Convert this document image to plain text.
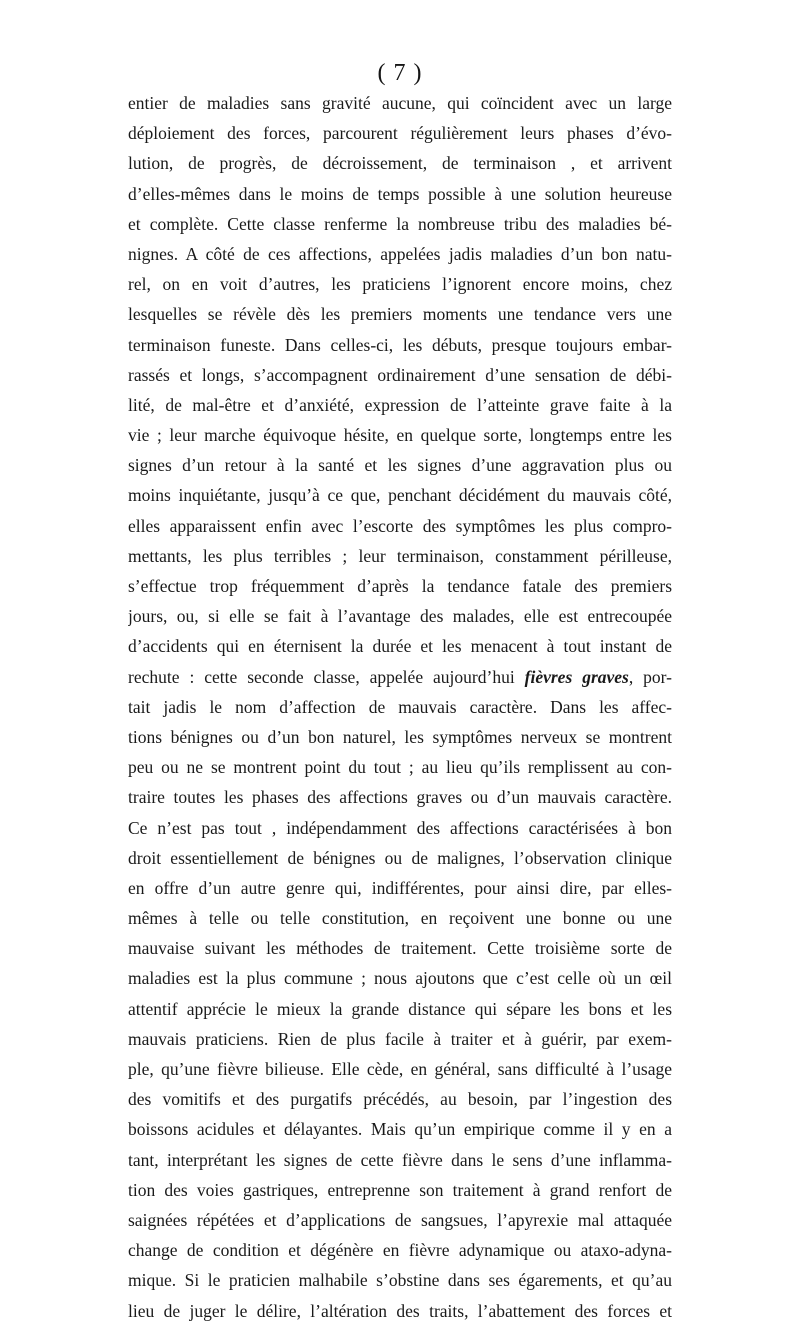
( 7 )
entier de maladies sans gravité aucune, qui coïncident avec un large
déploiement des forces, parcourent régulièrement leurs phases d’évo-
lution, de progrès, de décroissement, de terminaison , et arrivent
d’elles-mêmes dans le moins de temps possible à une solution heureuse
et complète. Cette classe renferme la nombreuse tribu des maladies bé-
nignes. A côté de ces affections, appelées jadis maladies d’un bon natu-
rel, on en voit d’autres, les praticiens l’ignorent encore moins, chez
lesquelles se révèle dès les premiers moments une tendance vers une
terminaison funeste. Dans celles-ci, les débuts, presque toujours embar-
rassés et longs, s’accompagnent ordinairement d’une sensation de débi-
lité, de mal-être et d’anxiété, expression de l’atteinte grave faite à la
vie ; leur marche équivoque hésite, en quelque sorte, longtemps entre les
signes d’un retour à la santé et les signes d’une aggravation plus ou
moins inquiétante, jusqu’à ce que, penchant décidément du mauvais côté,
elles apparaissent enfin avec l’escorte des symptômes les plus compro-
mettants, les plus terribles ; leur terminaison, constamment périlleuse,
s’effectue trop fréquemment d’après la tendance fatale des premiers
jours, ou, si elle se fait à l’avantage des malades, elle est entrecoupée
d’accidents qui en éternisent la durée et les menacent à tout instant de
rechute : cette seconde classe, appelée aujourd’hui fièvres graves, por-
tait jadis le nom d’affection de mauvais caractère. Dans les affec-
tions bénignes ou d’un bon naturel, les symptômes nerveux se montrent
peu ou ne se montrent point du tout ; au lieu qu’ils remplissent au con-
traire toutes les phases des affections graves ou d’un mauvais caractère.
Ce n’est pas tout , indépendamment des affections caractérisées à bon
droit essentiellement de bénignes ou de malignes, l’observation clinique
en offre d’un autre genre qui, indifférentes, pour ainsi dire, par elles-
mêmes à telle ou telle constitution, en reçoivent une bonne ou une
mauvaise suivant les méthodes de traitement. Cette troisième sorte de
maladies est la plus commune ; nous ajoutons que c’est celle où un œil
attentif apprécie le mieux la grande distance qui sépare les bons et les
mauvais praticiens. Rien de plus facile à traiter et à guérir, par exem-
ple, qu’une fièvre bilieuse. Elle cède, en général, sans difficulté à l’usage
des vomitifs et des purgatifs précédés, au besoin, par l’ingestion des
boissons acidules et délayantes. Mais qu’un empirique comme il y en a
tant, interprétant les signes de cette fièvre dans le sens d’une inflamma-
tion des voies gastriques, entreprenne son traitement à grand renfort de
saignées répétées et d’applications de sangsues, l’apyrexie mal attaquée
change de condition et dégénère en fièvre adynamique ou ataxo-adyna-
mique. Si le praticien malhabile s’obstine dans ses égarements, et qu’au
lieu de juger le délire, l’altération des traits, l’abattement des forces et
